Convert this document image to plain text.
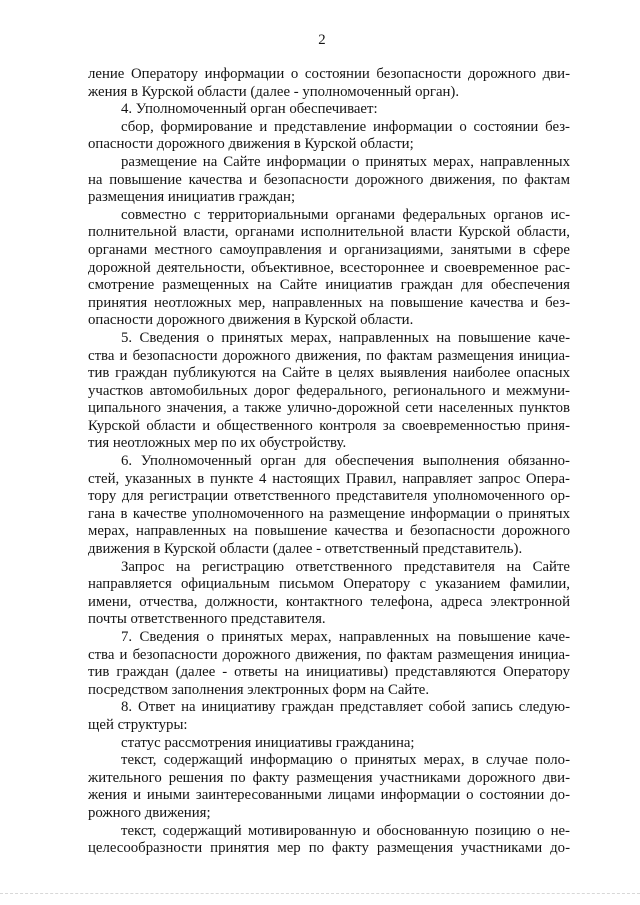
2
ление Оператору информации о состоянии безопасности дорожного дви-
жения в Курской области (далее - уполномоченный орган).
4. Уполномоченный орган обеспечивает:
сбор, формирование и представление информации о состоянии без-
опасности дорожного движения в Курской области;
размещение на Сайте информации о принятых мерах, направленных
на повышение качества и безопасности дорожного движения, по фактам
размещения инициатив граждан;
совместно с территориальными органами федеральных органов ис-
полнительной власти, органами исполнительной власти Курской области,
органами местного самоуправления и организациями, занятыми в сфере
дорожной деятельности, объективное, всестороннее и своевременное рас-
смотрение размещенных на Сайте инициатив граждан для обеспечения
принятия неотложных мер, направленных на повышение качества и без-
опасности дорожного движения в Курской области.
5. Сведения о принятых мерах, направленных на повышение каче-
ства и безопасности дорожного движения, по фактам размещения инициа-
тив граждан публикуются на Сайте в целях выявления наиболее опасных
участков автомобильных дорог федерального, регионального и межмуни-
ципального значения, а также улично-дорожной сети населенных пунктов
Курской области и общественного контроля за своевременностью приня-
тия неотложных мер по их обустройству.
6. Уполномоченный орган для обеспечения выполнения обязанно-
стей, указанных в пункте 4 настоящих Правил, направляет запрос Опера-
тору для регистрации ответственного представителя уполномоченного ор-
гана в качестве уполномоченного на размещение информации о принятых
мерах, направленных на повышение качества и безопасности дорожного
движения в Курской области (далее - ответственный представитель).
Запрос на регистрацию ответственного представителя на Сайте
направляется официальным письмом Оператору с указанием фамилии,
имени, отчества, должности, контактного телефона, адреса электронной
почты ответственного представителя.
7. Сведения о принятых мерах, направленных на повышение каче-
ства и безопасности дорожного движения, по фактам размещения инициа-
тив граждан (далее - ответы на инициативы) представляются Оператору
посредством заполнения электронных форм на Сайте.
8. Ответ на инициативу граждан представляет собой запись следую-
щей структуры:
статус рассмотрения инициативы гражданина;
текст, содержащий информацию о принятых мерах, в случае поло-
жительного решения по факту размещения участниками дорожного дви-
жения и иными заинтересованными лицами информации о состоянии до-
рожного движения;
текст, содержащий мотивированную и обоснованную позицию о не-
целесообразности принятия мер по факту размещения участниками до-
